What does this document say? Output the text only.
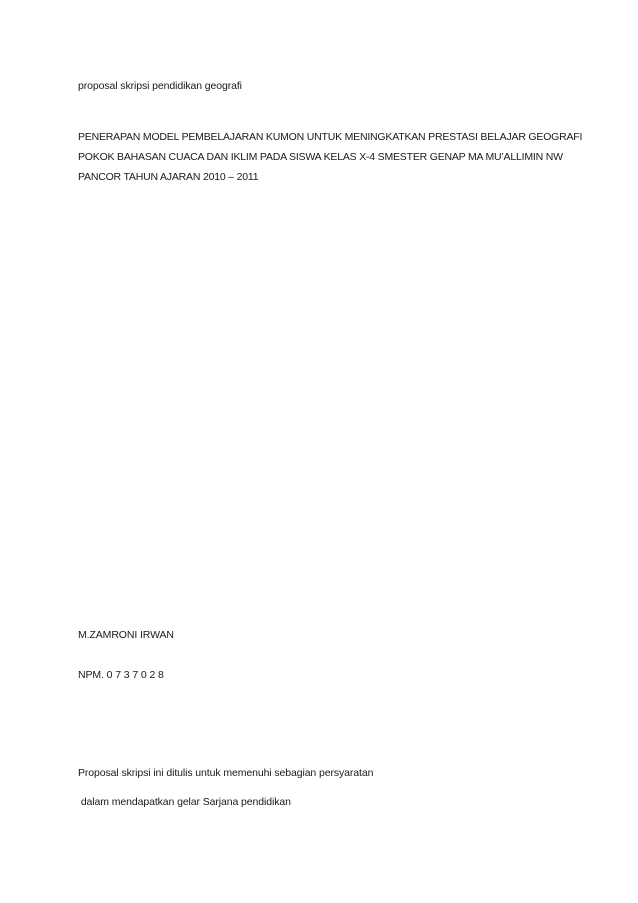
proposal skripsi pendidikan geografi
PENERAPAN MODEL PEMBELAJARAN KUMON UNTUK MENINGKATKAN PRESTASI BELAJAR GEOGRAFI
POKOK BAHASAN CUACA DAN IKLIM PADA SISWA KELAS X-4 SMESTER GENAP MA MU’ALLIMIN NW
PANCOR TAHUN AJARAN 2010 – 2011
M.ZAMRONI IRWAN
NPM. 0 7 3 7 0 2 8
Proposal skripsi ini ditulis untuk memenuhi sebagian persyaratan
dalam mendapatkan gelar Sarjana pendidikan
